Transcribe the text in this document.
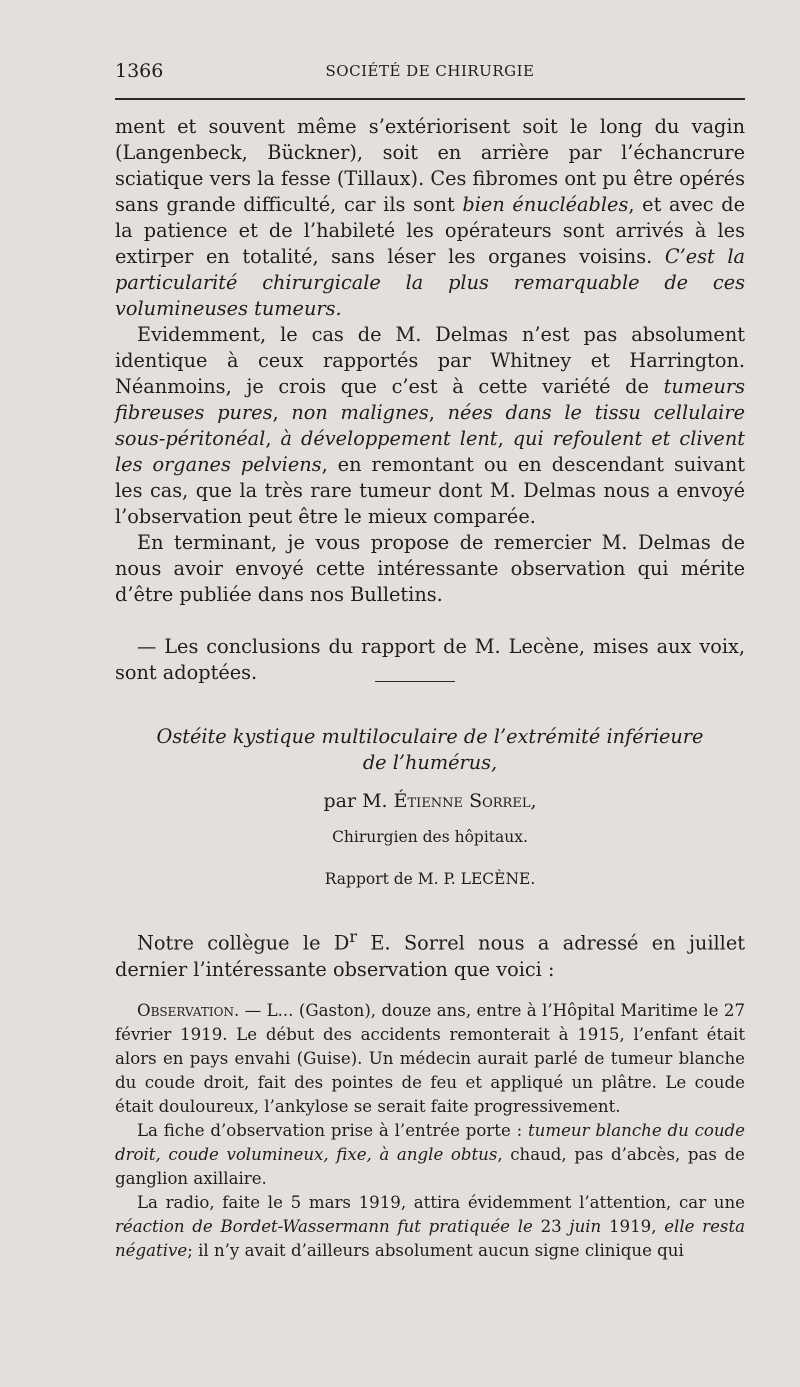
1366	SOCIÉTÉ DE CHIRURGIE

ment et souvent même s’extériorisent soit le long du vagin (Langenbeck, Bückner), soit en arrière par l’échancrure sciatique vers la fesse (Tillaux). Ces fibromes ont pu être opérés sans grande difficulté, car ils sont bien énucléables, et avec de la patience et de l’habileté les opérateurs sont arrivés à les extirper en totalité, sans léser les organes voisins. C’est la particularité chirurgicale la plus remarquable de ces volumineuses tumeurs.

Evidemment, le cas de M. Delmas n’est pas absolument identique à ceux rapportés par Whitney et Harrington. Néanmoins, je crois que c’est à cette variété de tumeurs fibreuses pures, non malignes, nées dans le tissu cellulaire sous-péritonéal, à développement lent, qui refoulent et clivent les organes pelviens, en remontant ou en descendant suivant les cas, que la très rare tumeur dont M. Delmas nous a envoyé l’observation peut être le mieux comparée.

En terminant, je vous propose de remercier M. Delmas de nous avoir envoyé cette intéressante observation qui mérite d’être publiée dans nos Bulletins.

— Les conclusions du rapport de M. Lecène, mises aux voix, sont adoptées.

Ostéite kystique multiloculaire de l’extrémité inférieure
de l’humérus,
par M. Étienne Sorrel,
Chirurgien des hôpitaux.
Rapport de M. P. LECÈNE.

Notre collègue le $D^r$ E. Sorrel nous a adressé en juillet dernier l’intéressante observation que voici :

Observation. — L... (Gaston), douze ans, entre à l’Hôpital Maritime le 27 février 1919. Le début des accidents remonterait à 1915, l’enfant était alors en pays envahi (Guise). Un médecin aurait parlé de tumeur blanche du coude droit, fait des pointes de feu et appliqué un plâtre. Le coude était douloureux, l’ankylose se serait faite progressivement.

La fiche d’observation prise à l’entrée porte : tumeur blanche du coude droit, coude volumineux, fixe, à angle obtus, chaud, pas d’abcès, pas de ganglion axillaire.

La radio, faite le 5 mars 1919, attira évidemment l’attention, car une réaction de Bordet-Wassermann fut pratiquée le 23 juin 1919, elle resta négative; il n’y avait d’ailleurs absolument aucun signe clinique qui
